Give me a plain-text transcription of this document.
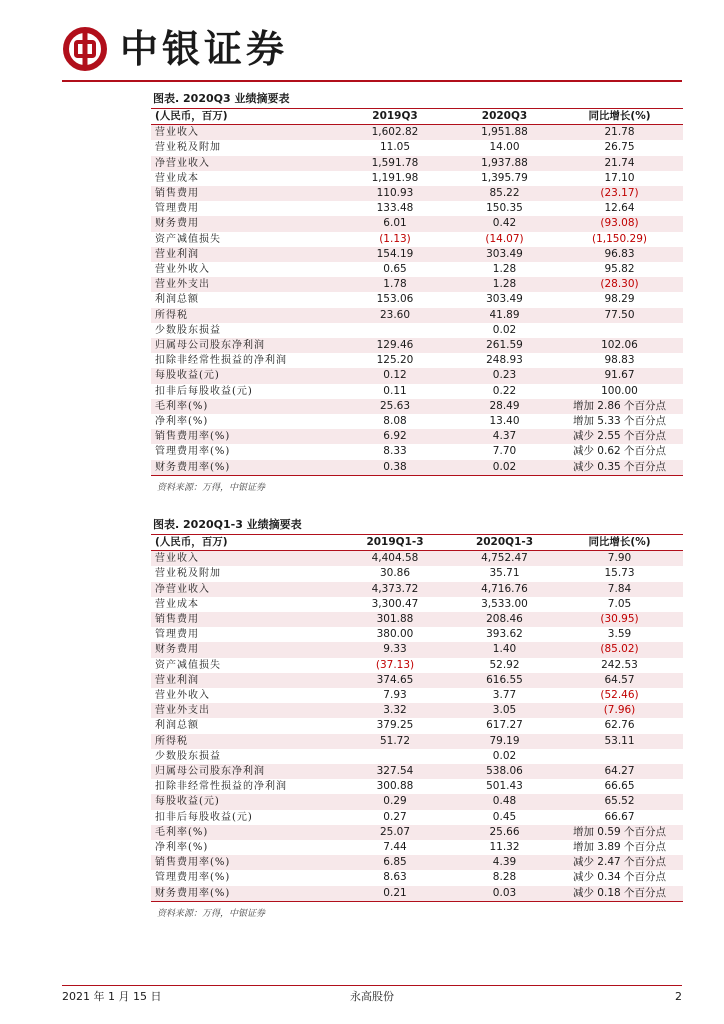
中银证券
图表. 2020Q3 业绩摘要表
(人民币，百万)	2019Q3	2020Q3	同比增长(%)
营业收入	1,602.82	1,951.88	21.78
营业税及附加	11.05	14.00	26.75
净营业收入	1,591.78	1,937.88	21.74
营业成本	1,191.98	1,395.79	17.10
销售费用	110.93	85.22	(23.17)
管理费用	133.48	150.35	12.64
财务费用	6.01	0.42	(93.08)
资产减值损失	(1.13)	(14.07)	(1,150.29)
营业利润	154.19	303.49	96.83
营业外收入	0.65	1.28	95.82
营业外支出	1.78	1.28	(28.30)
利润总额	153.06	303.49	98.29
所得税	23.60	41.89	77.50
少数股东损益		0.02	
归属母公司股东净利润	129.46	261.59	102.06
扣除非经常性损益的净利润	125.20	248.93	98.83
每股收益(元)	0.12	0.23	91.67
扣非后每股收益(元)	0.11	0.22	100.00
毛利率(%)	25.63	28.49	增加 2.86 个百分点
净利率(%)	8.08	13.40	增加 5.33 个百分点
销售费用率(%)	6.92	4.37	减少 2.55 个百分点
管理费用率(%)	8.33	7.70	减少 0.62 个百分点
财务费用率(%)	0.38	0.02	减少 0.35 个百分点
资料来源：万得，中银证券
图表. 2020Q1-3 业绩摘要表
(人民币，百万)	2019Q1-3	2020Q1-3	同比增长(%)
营业收入	4,404.58	4,752.47	7.90
营业税及附加	30.86	35.71	15.73
净营业收入	4,373.72	4,716.76	7.84
营业成本	3,300.47	3,533.00	7.05
销售费用	301.88	208.46	(30.95)
管理费用	380.00	393.62	3.59
财务费用	9.33	1.40	(85.02)
资产减值损失	(37.13)	52.92	242.53
营业利润	374.65	616.55	64.57
营业外收入	7.93	3.77	(52.46)
营业外支出	3.32	3.05	(7.96)
利润总额	379.25	617.27	62.76
所得税	51.72	79.19	53.11
少数股东损益		0.02	
归属母公司股东净利润	327.54	538.06	64.27
扣除非经常性损益的净利润	300.88	501.43	66.65
每股收益(元)	0.29	0.48	65.52
扣非后每股收益(元)	0.27	0.45	66.67
毛利率(%)	25.07	25.66	增加 0.59 个百分点
净利率(%)	7.44	11.32	增加 3.89 个百分点
销售费用率(%)	6.85	4.39	减少 2.47 个百分点
管理费用率(%)	8.63	8.28	减少 0.34 个百分点
财务费用率(%)	0.21	0.03	减少 0.18 个百分点
资料来源：万得，中银证券
2021 年 1 月 15 日	永高股份	2
